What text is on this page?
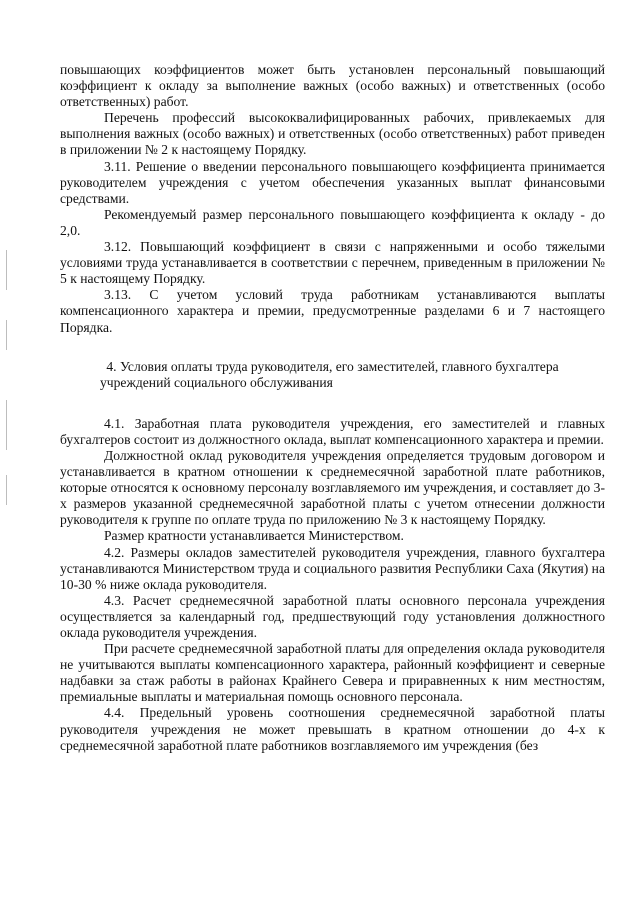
повышающих коэффициентов может быть установлен персональный повышающий коэффициент к окладу за выполнение важных (особо важных) и ответственных (особо ответственных) работ.

Перечень профессий высококвалифицированных рабочих, привлекаемых для выполнения важных (особо важных) и ответственных (особо ответственных) работ приведен в приложении № 2 к настоящему Порядку.

3.11. Решение о введении персонального повышающего коэффициента принимается руководителем учреждения с учетом обеспечения указанных выплат финансовыми средствами.

Рекомендуемый размер персонального повышающего коэффициента к окладу - до 2,0.

3.12. Повышающий коэффициент в связи с напряженными и особо тяжелыми условиями труда устанавливается в соответствии с перечнем, приведенным в приложении № 5 к настоящему Порядку.

3.13. С учетом условий труда работникам устанавливаются выплаты компенсационного характера и премии, предусмотренные разделами 6 и 7 настоящего Порядка.

4. Условия оплаты труда руководителя, его заместителей, главного бухгалтера учреждений социального обслуживания

4.1. Заработная плата руководителя учреждения, его заместителей и главных бухгалтеров состоит из должностного оклада, выплат компенсационного характера и премии.

Должностной оклад руководителя учреждения определяется трудовым договором и устанавливается в кратном отношении к среднемесячной заработной плате работников, которые относятся к основному персоналу возглавляемого им учреждения, и составляет до 3-х размеров указанной среднемесячной заработной платы с учетом отнесении должности руководителя к группе по оплате труда по приложению № 3 к настоящему Порядку.

Размер кратности устанавливается Министерством.

4.2. Размеры окладов заместителей руководителя учреждения, главного бухгалтера устанавливаются Министерством труда и социального развития Республики Саха (Якутия) на 10-30 % ниже оклада руководителя.

4.3. Расчет среднемесячной заработной платы основного персонала учреждения осуществляется за календарный год, предшествующий году установления должностного оклада руководителя учреждения.

При расчете среднемесячной заработной платы для определения оклада руководителя не учитываются выплаты компенсационного характера, районный коэффициент и северные надбавки за стаж работы в районах Крайнего Севера и приравненных к ним местностям, премиальные выплаты и материальная помощь основного персонала.

4.4. Предельный уровень соотношения среднемесячной заработной платы руководителя учреждения не может превышать в кратном отношении до 4-х к среднемесячной заработной плате работников возглавляемого им учреждения (без
